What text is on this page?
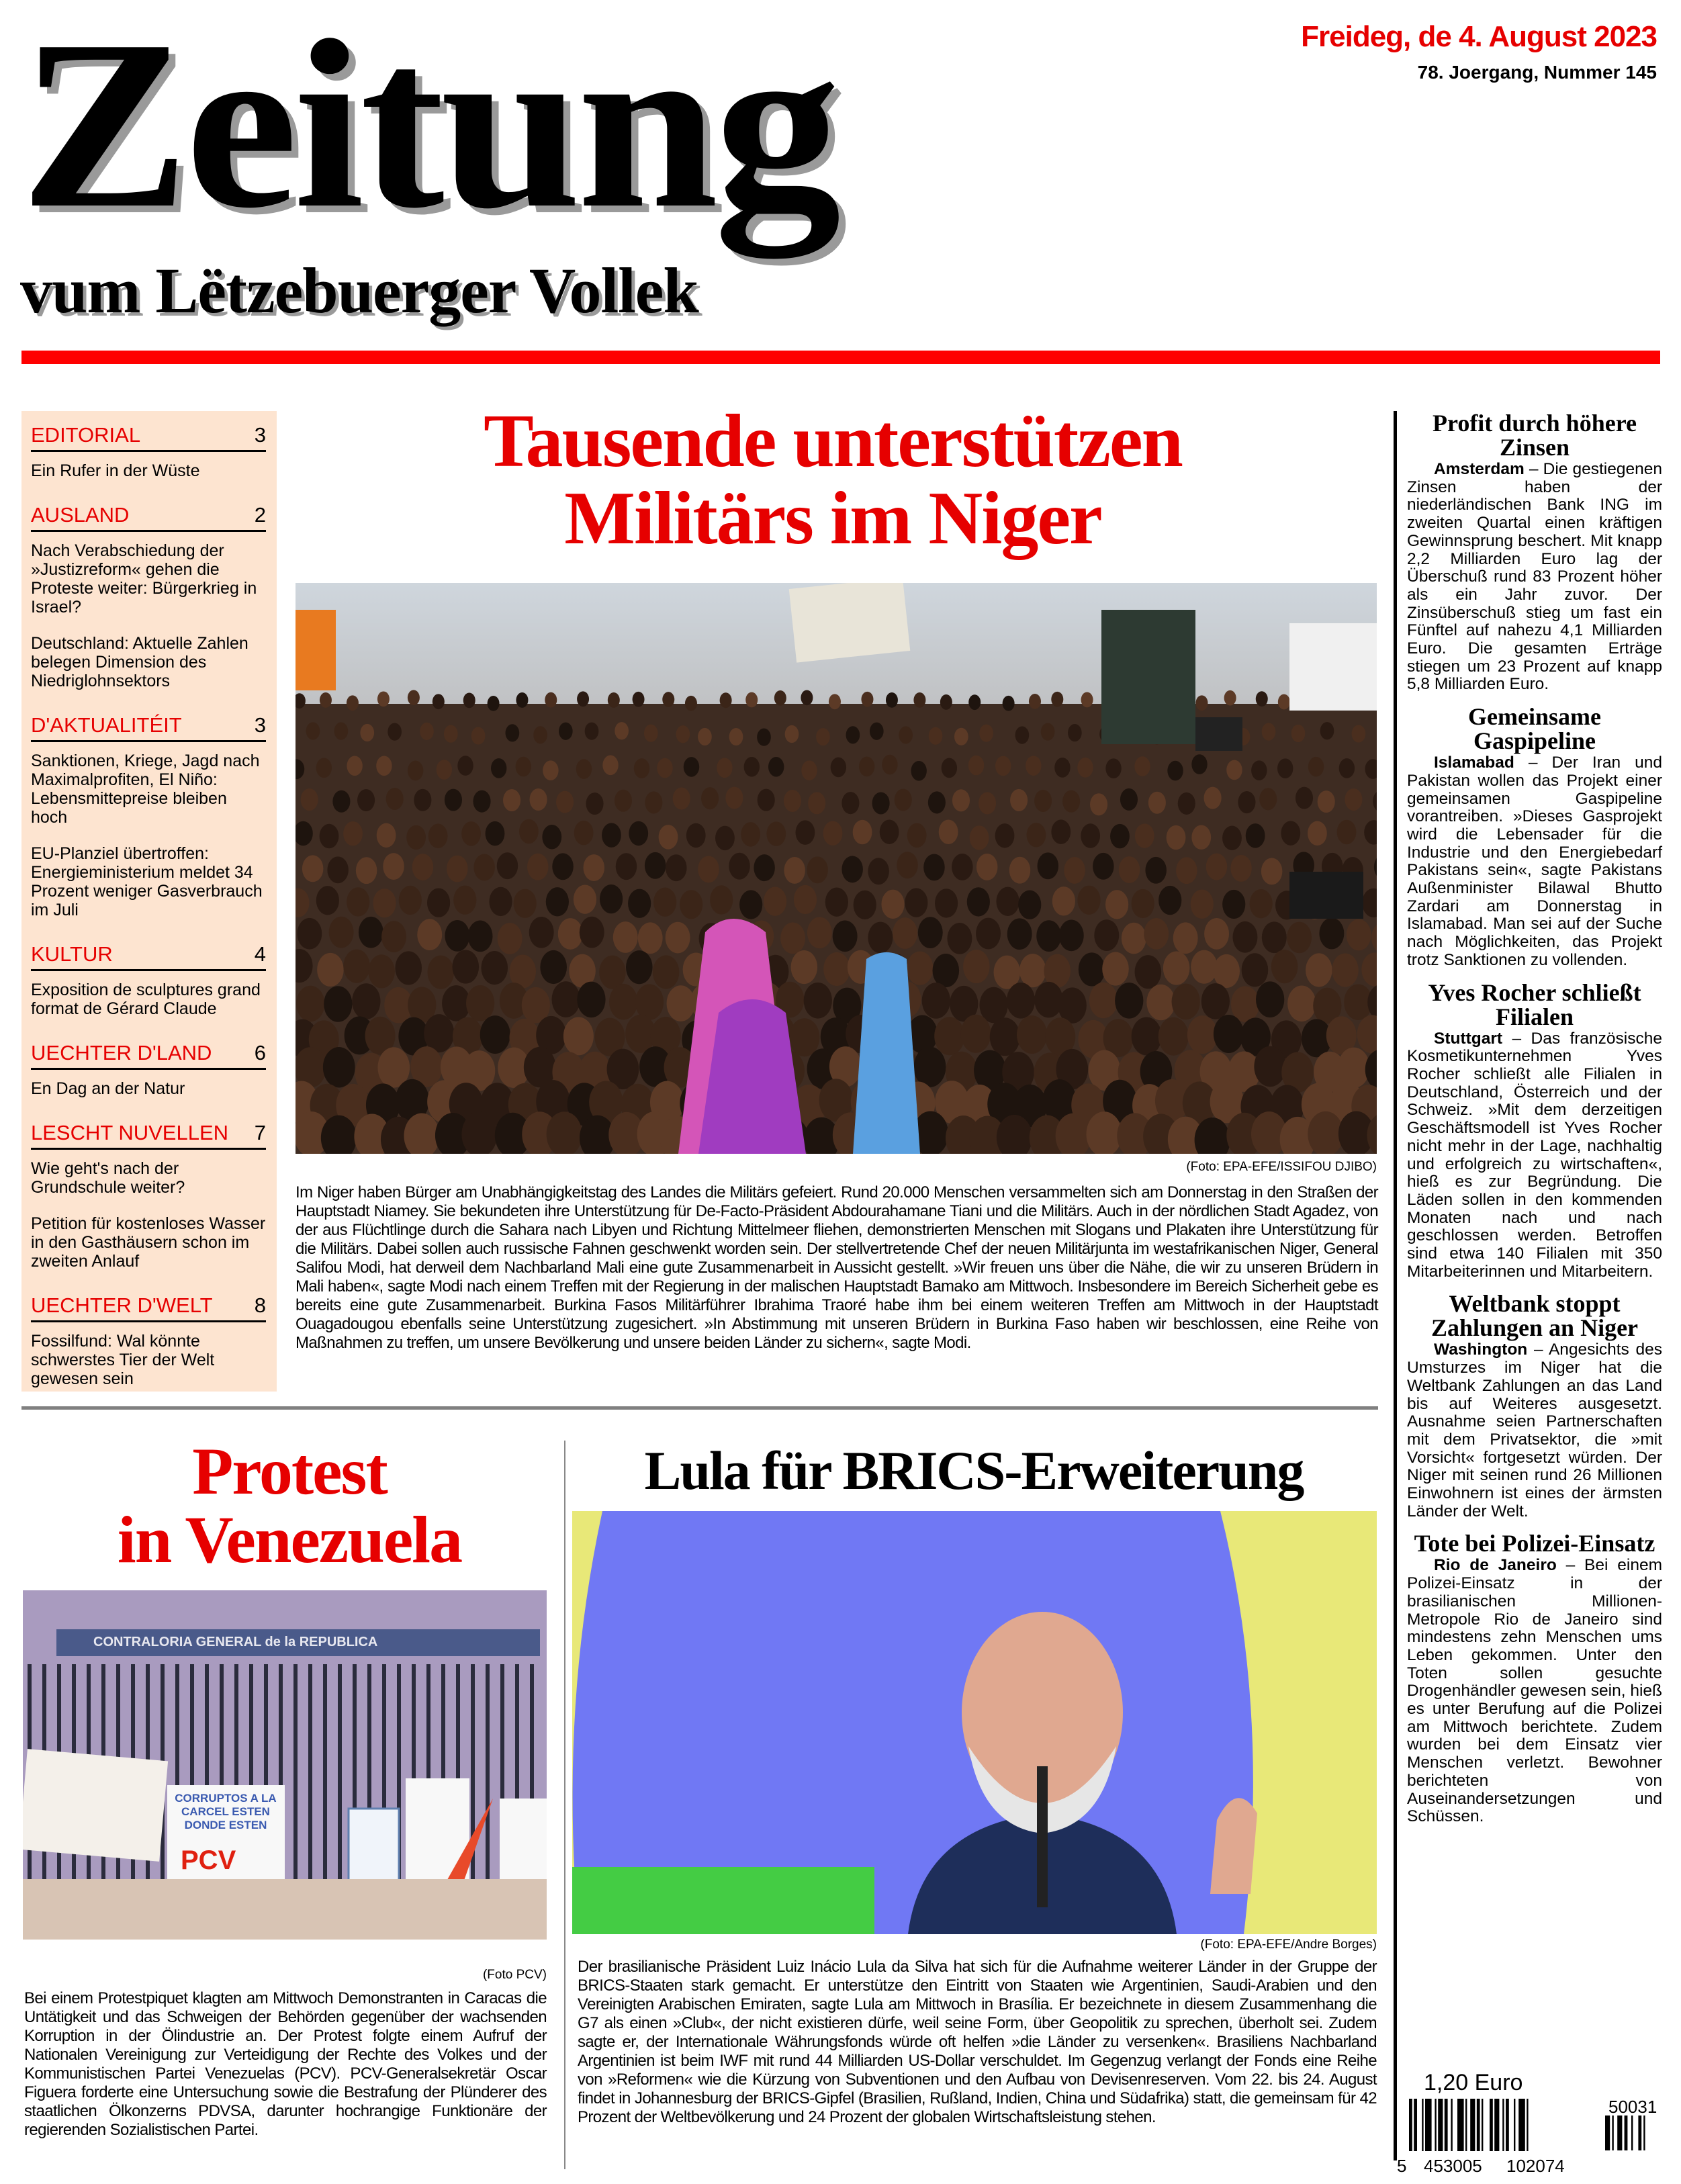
Zeitung
vum Lëtzebuerger Vollek
Freideg, de 4. August 2023
78. Joergang, Nummer 145
EDITORIAL	3
Ein Rufer in der Wüste
AUSLAND	2
Nach Verabschiedung der »Justizreform« gehen die Proteste weiter: Bürgerkrieg in Israel?
Deutschland: Aktuelle Zahlen belegen Dimension des Niedriglohnsektors
D'AKTUALITÉIT	3
Sanktionen, Kriege, Jagd nach Maximalprofiten, El Niño: Lebensmittepreise bleiben hoch
EU-Planziel übertroffen: Energieministerium meldet 34 Prozent weniger Gasverbrauch im Juli
KULTUR	4
Exposition de sculptures grand format de Gérard Claude
UECHTER D'LAND 6
En Dag an der Natur
LESCHT NUVELLEN 7
Wie geht's nach der Grundschule weiter?
Petition für kostenloses Wasser in den Gasthäusern schon im zweiten Anlauf
UECHTER D'WELT 8
Fossilfund: Wal könnte schwerstes Tier der Welt gewesen sein
Tausende unterstützen
Militärs im Niger
(Foto: EPA-EFE/ISSIFOU DJIBO)
Im Niger haben Bürger am Unabhängigkeitstag des Landes die Militärs gefeiert. Rund 20.000 Menschen versammelten sich am Donnerstag in den Straßen der Hauptstadt Niamey. Sie bekundeten ihre Unterstützung für De-Facto-Präsident Abdourahamane Tiani und die Militärs. Auch in der nördlichen Stadt Agadez, von der aus Flüchtlinge durch die Sahara nach Libyen und Richtung Mittelmeer fliehen, demonstrierten Menschen mit Slogans und Plakaten ihre Unterstützung für die Militärs. Dabei sollen auch russische Fahnen geschwenkt worden sein. Der stellvertretende Chef der neuen Militärjunta im westafrikanischen Niger, General Salifou Modi, hat derweil dem Nachbarland Mali eine gute Zusammenarbeit in Aussicht gestellt. »Wir freuen uns über die Nähe, die wir zu unseren Brüdern in Mali haben«, sagte Modi nach einem Treffen mit der Regierung in der malischen Hauptstadt Bamako am Mittwoch. Insbesondere im Bereich Sicherheit gebe es bereits eine gute Zusammenarbeit. Burkina Fasos Militärführer Ibrahima Traoré habe ihm bei einem weiteren Treffen am Mittwoch in der Hauptstadt Ouagadougou ebenfalls seine Unterstützung zugesichert. »In Abstimmung mit unseren Brüdern in Burkina Faso haben wir beschlossen, eine Reihe von Maßnahmen zu treffen, um unsere Bevölkerung und unsere beiden Länder zu sichern«, sagte Modi.
Protest
in Venezuela
CONTRALORIA GENERAL de la REPUBLICA
CORRUPTOS A LA CARCEL ESTEN DONDE ESTEN
PCV
(Foto PCV)
Bei einem Protestpiquet klagten am Mittwoch Demonstranten in Caracas die Untätigkeit und das Schweigen der Behörden gegenüber der wachsenden Korruption in der Ölindustrie an. Der Protest folgte einem Aufruf der Nationalen Vereinigung zur Verteidigung der Rechte des Volkes und der Kommunistischen Partei Venezuelas (PCV). PCV-Generalsekretär Oscar Figuera forderte eine Untersuchung sowie die Bestrafung der Plünderer des staatlichen Ölkonzerns PDVSA, darunter hochrangige Funktionäre der regierenden Sozialistischen Partei.
Lula für BRICS-Erweiterung
(Foto: EPA-EFE/Andre Borges)
Der brasilianische Präsident Luiz Inácio Lula da Silva hat sich für die Aufnahme weiterer Länder in der Gruppe der BRICS-Staaten stark gemacht. Er unterstütze den Eintritt von Staaten wie Argentinien, Saudi-Arabien und den Vereinigten Arabischen Emiraten, sagte Lula am Mittwoch in Brasília. Er bezeichnete in diesem Zusammenhang die G7 als einen »Club«, der nicht existieren dürfe, weil seine Form, über Geopolitik zu sprechen, überholt sei. Zudem sagte er, der Internationale Währungsfonds würde oft helfen »die Länder zu versenken«. Brasiliens Nachbarland Argentinien ist beim IWF mit rund 44 Milliarden US-Dollar verschuldet. Im Gegenzug verlangt der Fonds eine Reihe von »Reformen« wie die Kürzung von Subventionen und den Aufbau von Devisenreserven. Vom 22. bis 24. August findet in Johannesburg der BRICS-Gipfel (Brasilien, Rußland, Indien, China und Südafrika) statt, die gemeinsam für 42 Prozent der Weltbevölkerung und 24 Prozent der globalen Wirtschaftsleistung stehen.
Profit durch höhere Zinsen

Amsterdam – Die gestiegenen Zinsen haben der niederländischen Bank ING im zweiten Quartal einen kräftigen Gewinnsprung beschert. Mit knapp 2,2 Milliarden Euro lag der Überschuß rund 83 Prozent höher als ein Jahr zuvor. Der Zinsüberschuß stieg um fast ein Fünftel auf nahezu 4,1 Milliarden Euro. Die gesamten Erträge stiegen um 23 Prozent auf knapp 5,8 Milliarden Euro.

Gemeinsame Gaspipeline

Islamabad – Der Iran und Pakistan wollen das Projekt einer gemeinsamen Gaspipeline vorantreiben. »Dieses Gasprojekt wird die Lebensader für die Industrie und den Energiebedarf Pakistans sein«, sagte Pakistans Außenminister Bilawal Bhutto Zardari am Donnerstag in Islamabad. Man sei auf der Suche nach Möglichkeiten, das Projekt trotz Sanktionen zu vollenden.

Yves Rocher schließt Filialen

Stuttgart – Das französische Kosmetikunternehmen Yves Rocher schließt alle Filialen in Deutschland, Österreich und der Schweiz. »Mit dem derzeitigen Geschäftsmodell ist Yves Rocher nicht mehr in der Lage, nachhaltig und erfolgreich zu wirtschaften«, hieß es zur Begründung. Die Läden sollen in den kommenden Monaten nach und nach geschlossen werden. Betroffen sind etwa 140 Filialen mit 350 Mitarbeiterinnen und Mitarbeitern.

Weltbank stoppt Zahlungen an Niger

Washington – Angesichts des Umsturzes im Niger hat die Weltbank Zahlungen an das Land bis auf Weiteres ausgesetzt. Ausnahme seien Partnerschaften mit dem Privatsektor, die »mit Vorsicht« fortgesetzt würden. Der Niger mit seinen rund 26 Millionen Einwohnern ist eines der ärmsten Länder der Welt.

Tote bei Polizei-Einsatz

Rio de Janeiro – Bei einem Polizei-Einsatz in der brasilianischen Millionen-Metropole Rio de Janeiro sind mindestens zehn Menschen ums Leben gekommen. Unter den Toten sollen gesuchte Drogenhändler gewesen sein, hieß es unter Berufung auf die Polizei am Mittwoch berichtete. Zudem wurden bei dem Einsatz vier Menschen verletzt. Bewohner berichteten von Auseinandersetzungen und Schüssen.

1,20 Euro
5 453005 102074
50031
